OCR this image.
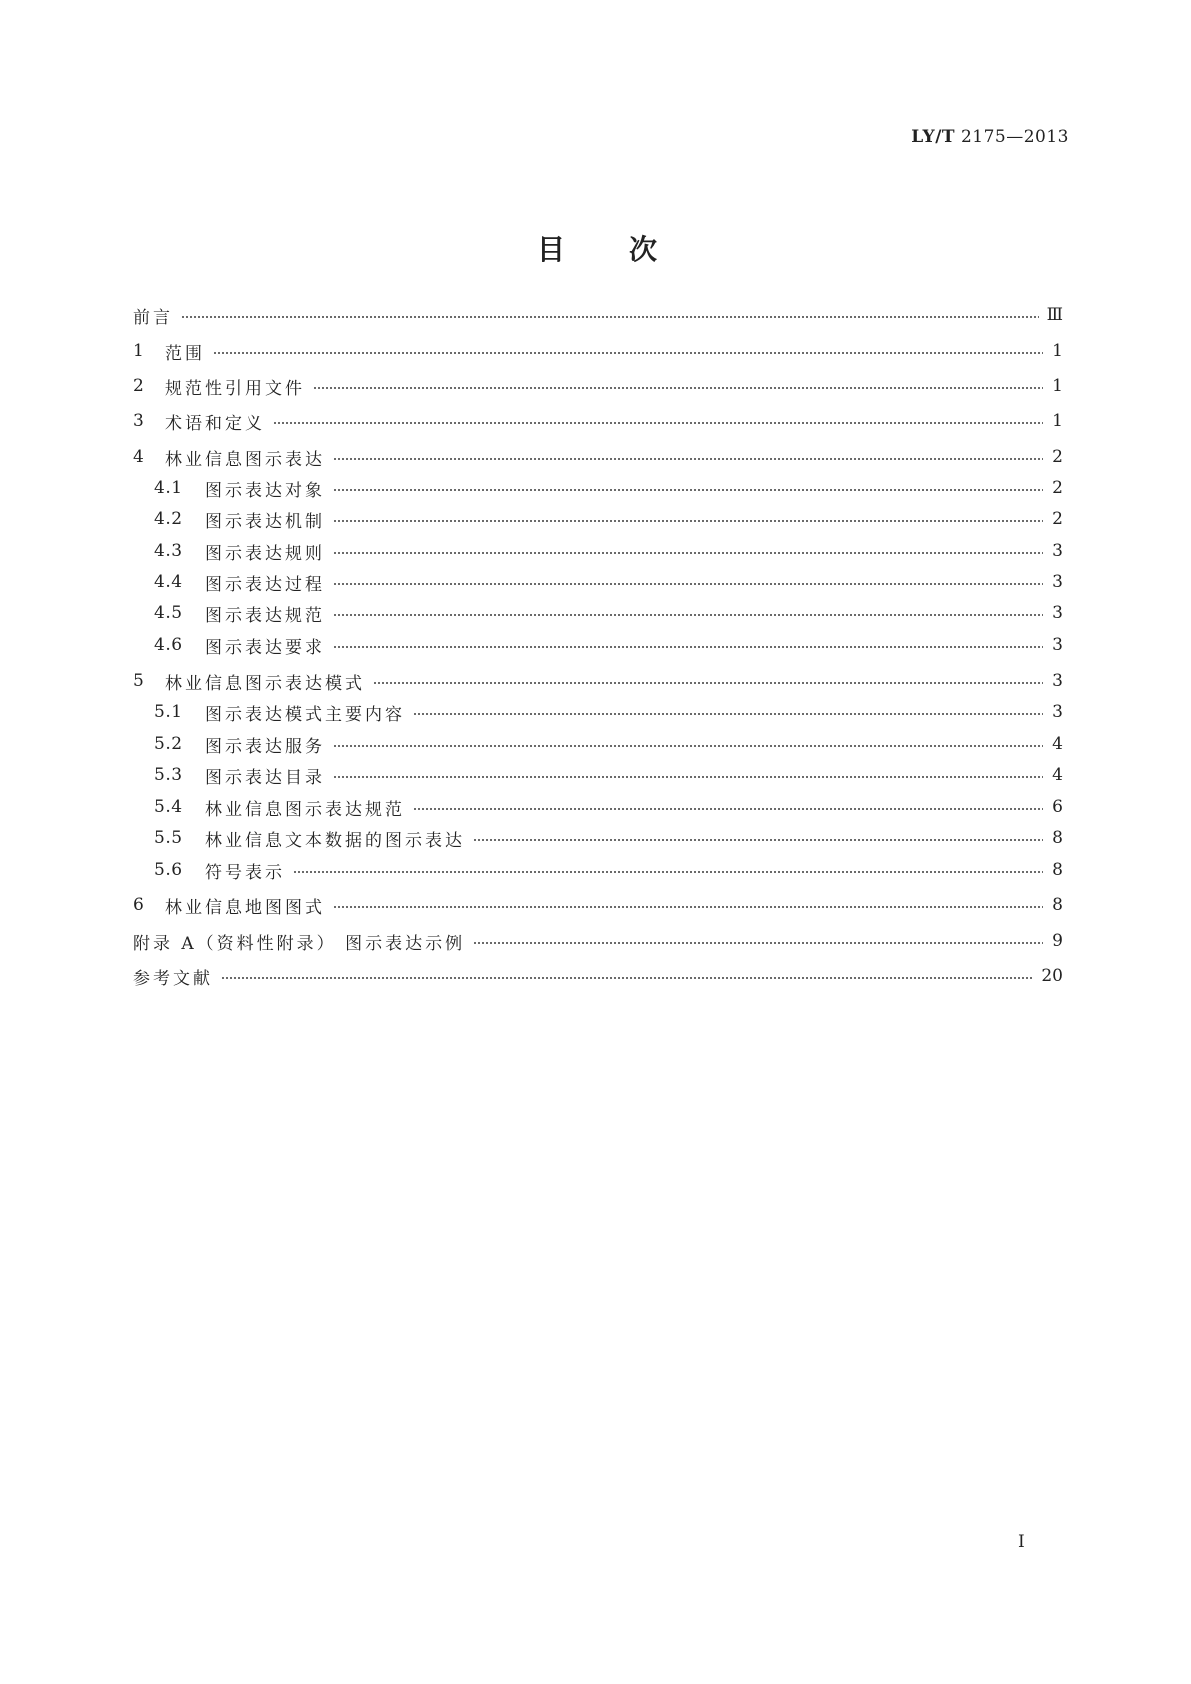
LY/T 2175—2013
目次
前言	Ⅲ
1	范围	1
2	规范性引用文件	1
3	术语和定义	1
4	林业信息图示表达	2
4.1	图示表达对象	2
4.2	图示表达机制	2
4.3	图示表达规则	3
4.4	图示表达过程	3
4.5	图示表达规范	3
4.6	图示表达要求	3
5	林业信息图示表达模式	3
5.1	图示表达模式主要内容	3
5.2	图示表达服务	4
5.3	图示表达目录	4
5.4	林业信息图示表达规范	6
5.5	林业信息文本数据的图示表达	8
5.6	符号表示	8
6	林业信息地图图式	8
附录 A（资料性附录） 图示表达示例	9
参考文献	20
Ⅰ
